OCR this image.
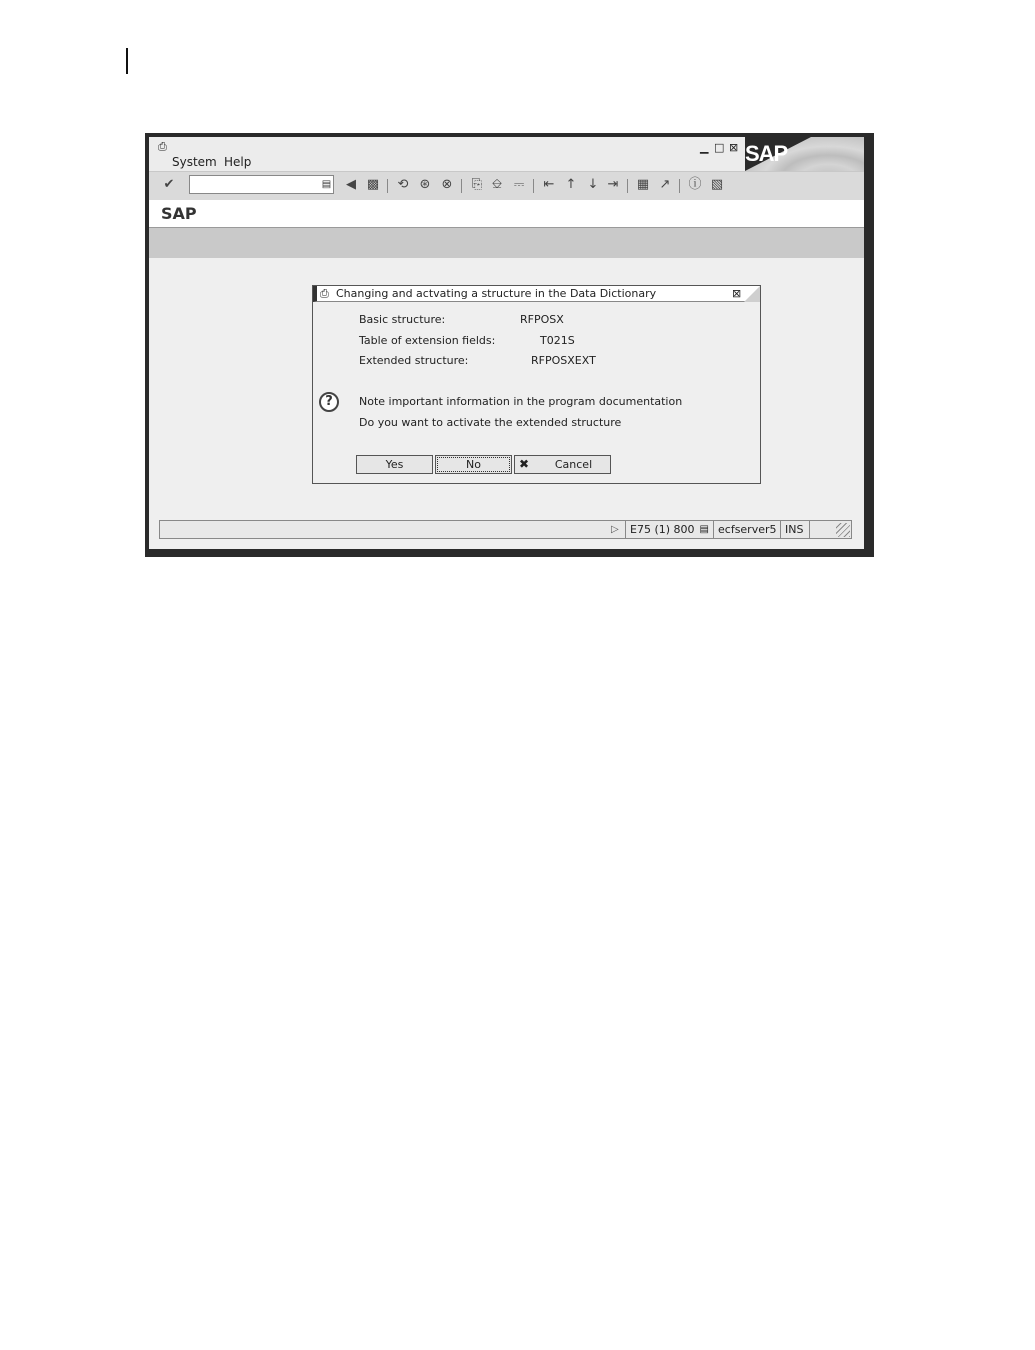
⎙
System Help
▁ □ ⊠ SAP
✔	▤ ◀ ▩ ⟲ ⊛ ⊗ ⎘ ⎒ ⎓ ⇤ ↑ ↓ ⇥ ▦ ↗ ⓘ ▧
SAP
⎙ Changing and actvating a structure in the Data Dictionary	⊠
Basic structure:	RFPOSX
Table of extension fields:	T021S
Extended structure:	RFPOSXEXT
?	Note important information in the program documentation
Do you want to activate the extended structure
Yes	No	✖ Cancel
▷	E75 (1) 800 ▤ ecfserver5 INS
